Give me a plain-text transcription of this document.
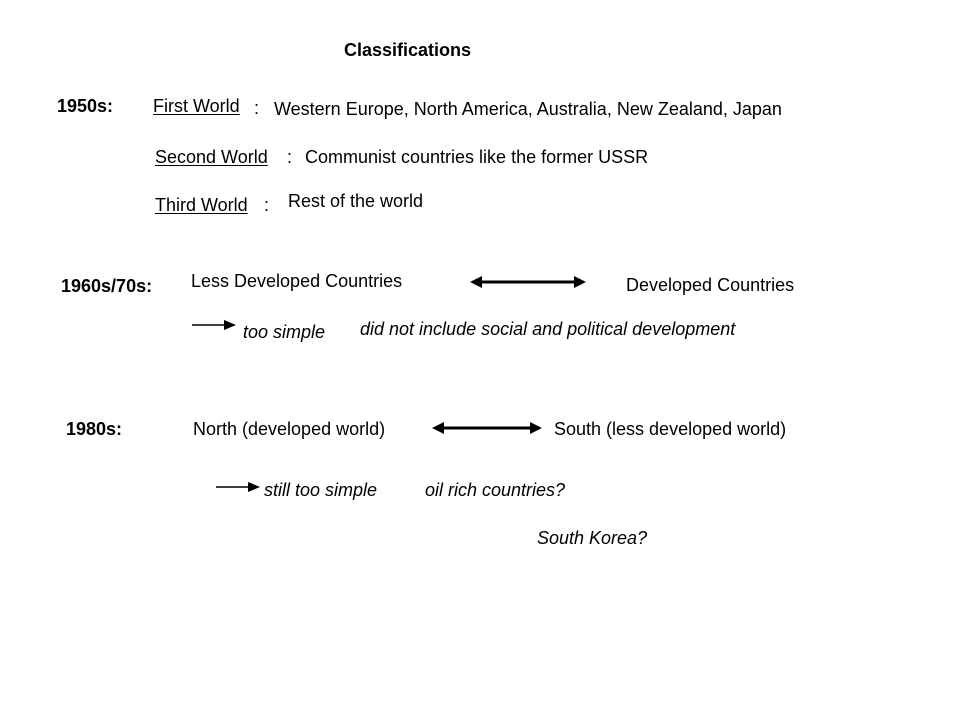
Classifications
1950s: First World : Western Europe, North America, Australia, New Zealand, Japan
Second World : Communist countries like the former USSR
Third World : Rest of the world
1960s/70s: Less Developed Countries	Developed Countries
too simple did not include social and political development
1980s:	North (developed world)	South (less developed world)
still too simple	oil rich countries?
South Korea?
